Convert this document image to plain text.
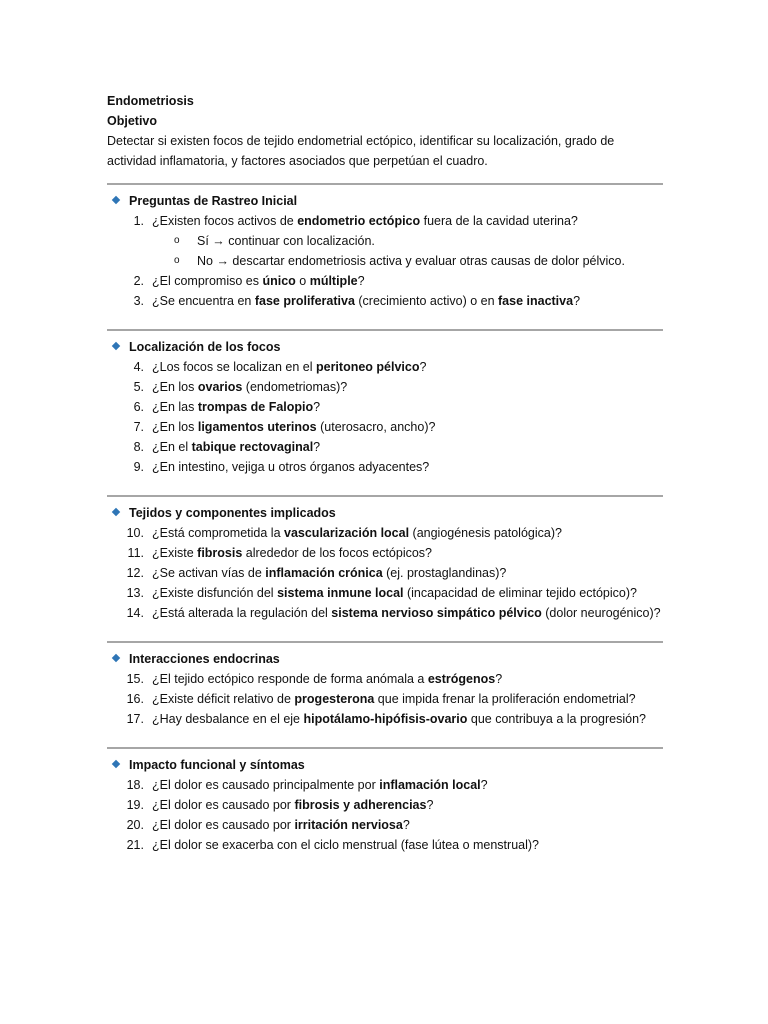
Endometriosis
Objetivo

Detectar si existen focos de tejido endometrial ectópico, identificar su localización, grado de actividad inflamatoria, y factores asociados que perpetúan el cuadro.

Preguntas de Rastreo Inicial
1. ¿Existen focos activos de endometrio ectópico fuera de la cavidad uterina?
o Sí → continuar con localización.
o No → descartar endometriosis activa y evaluar otras causas de dolor pélvico.
2. ¿El compromiso es único o múltiple?
3. ¿Se encuentra en fase proliferativa (crecimiento activo) o en fase inactiva?
Localización de los focos
4. ¿Los focos se localizan en el peritoneo pélvico?
5. ¿En los ovarios (endometriomas)?
6. ¿En las trompas de Falopio?
7. ¿En los ligamentos uterinos (uterosacro, ancho)?
8. ¿En el tabique rectovaginal?
9. ¿En intestino, vejiga u otros órganos adyacentes?
Tejidos y componentes implicados
10. ¿Está comprometida la vascularización local (angiogénesis patológica)?
11. ¿Existe fibrosis alrededor de los focos ectópicos?
12. ¿Se activan vías de inflamación crónica (ej. prostaglandinas)?
13. ¿Existe disfunción del sistema inmune local (incapacidad de eliminar tejido ectópico)?
14. ¿Está alterada la regulación del sistema nervioso simpático pélvico (dolor neurogénico)?
Interacciones endocrinas
15. ¿El tejido ectópico responde de forma anómala a estrógenos?
16. ¿Existe déficit relativo de progesterona que impida frenar la proliferación endometrial?
17. ¿Hay desbalance en el eje hipotálamo-hipófisis-ovario que contribuya a la progresión?
Impacto funcional y síntomas
18. ¿El dolor es causado principalmente por inflamación local?
19. ¿El dolor es causado por fibrosis y adherencias?
20. ¿El dolor es causado por irritación nerviosa?
21. ¿El dolor se exacerba con el ciclo menstrual (fase lútea o menstrual)?
